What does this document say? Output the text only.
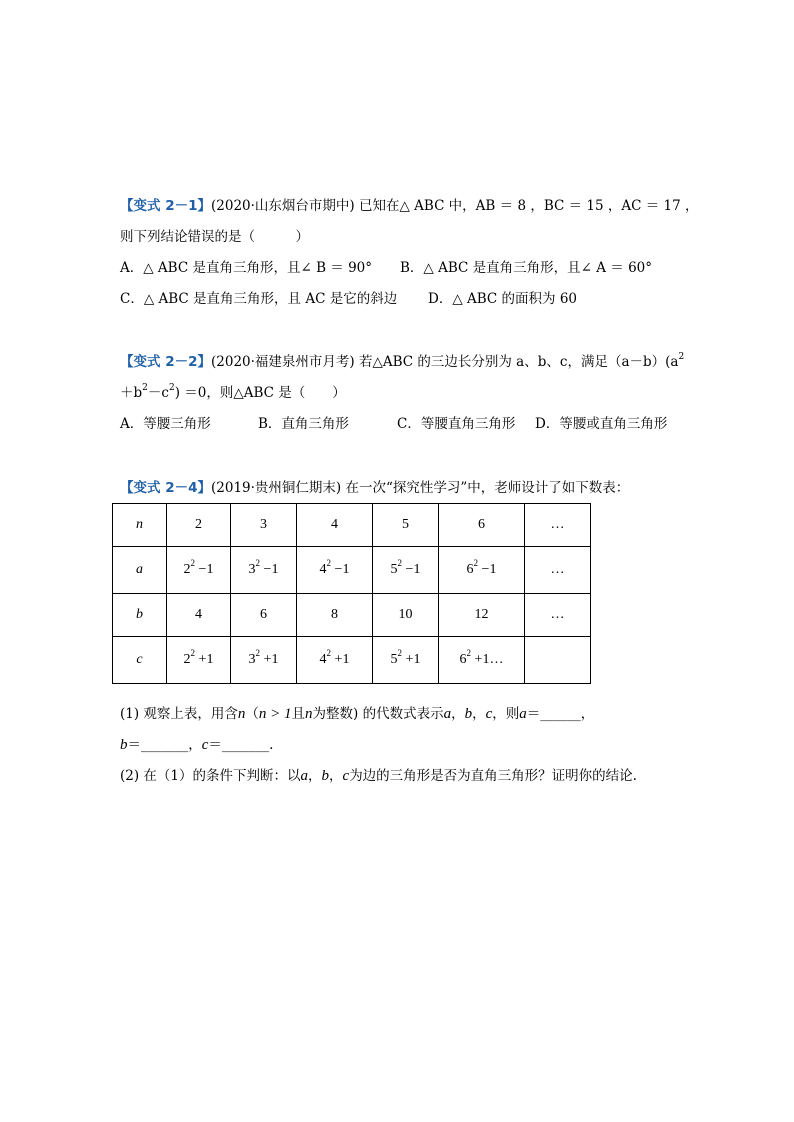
【变式 2－1】(2020·山东烟台市期中) 已知在△ ABC 中，AB ＝ 8 ，BC ＝ 15 ，AC ＝ 17 ，
则下列结论错误的是（　　　）
A．△ ABC 是直角三角形，且∠ B ＝ 90° B．△ ABC 是直角三角形，且∠ A ＝ 60°
C．△ ABC 是直角三角形，且 AC 是它的斜边 D．△ ABC 的面积为 60
【变式 2－2】(2020·福建泉州市月考) 若△ABC 的三边长分别为 a、b、c，满足$(a-b)(a^2$
$+b^2-c^2) =0$，则△ABC 是（　　）
A．等腰三角形	B．直角三角形	C．等腰直角三角形 D．等腰或直角三角形
【变式 2－4】(2019·贵州铜仁期末) 在一次“探究性学习”中，老师设计了如下数表：
n	2	3	4	5	6	…
a	$2^2 -1$	$3^2 -1$	$4^2 -1$	$5^2 -1$	$6^2 -1$	…
b	4	6	8	10	12	…
c	$2^2 +1$	$3^2 +1$	$4^2 +1$	$5^2 +1$	$6^2$ +1…	
(1) 观察上表，用含n（n > 1且n为整数) 的代数式表示a，b，c，则a＝______，
b＝_______，c＝_______.
(2) 在（1）的条件下判断：以a，b，c为边的三角形是否为直角三角形？证明你的结论.
